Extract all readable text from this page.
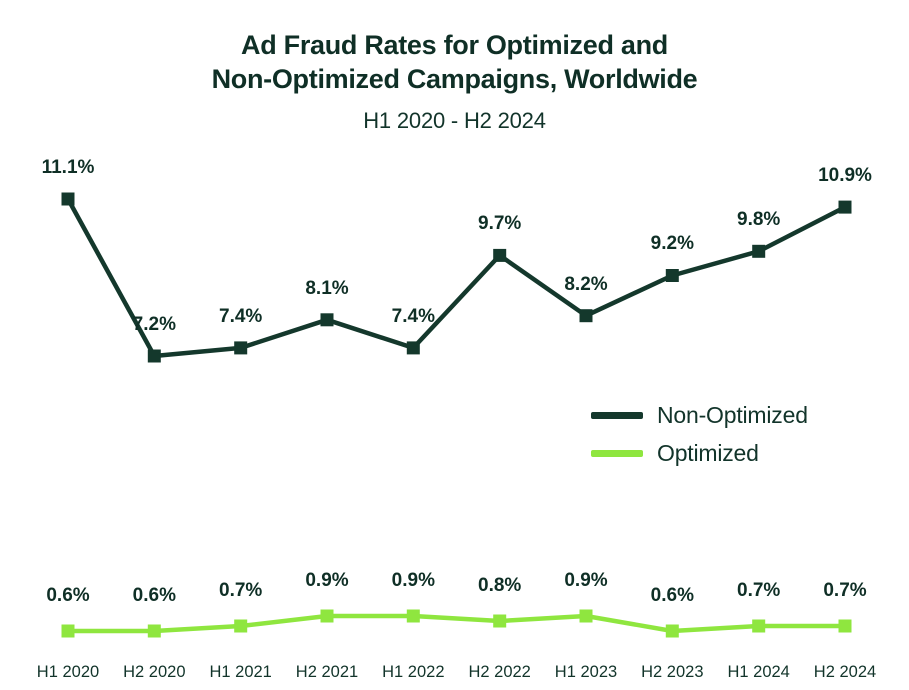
Ad Fraud Rates for Optimized and
Non-Optimized Campaigns, Worldwide
H1 2020 - H2 2024
Non-Optimized
Optimized
11.1%
7.2% 7.4%
8.1%
7.4%
9.7%
8.2%
9.2%
9.8%
10.9%
0.6% 0.6% 0.7% 0.9% 0.9% 0.8% 0.9%
0.6% 0.7% 0.7%
H1 2020 H2 2020 H1 2021 H2 2021 H1 2022 H2 2022 H1 2023 H2 2023 H1 2024 H2 2024
